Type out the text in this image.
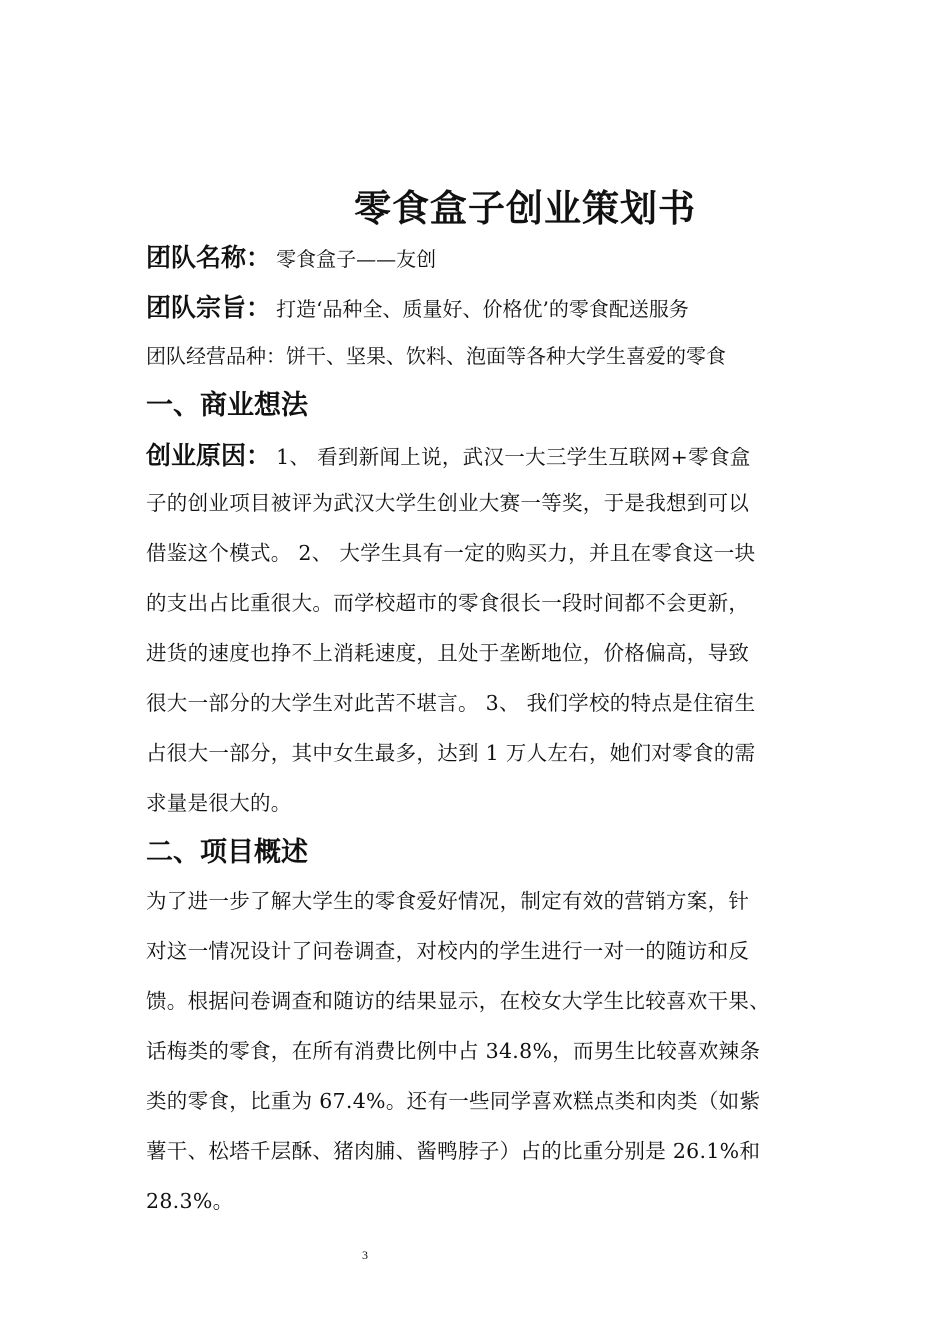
零食盒子创业策划书

团队名称： 零食盒子——友创

团队宗旨： 打造‘品种全、质量好、价格优’的零食配送服务

团队经营品种：饼干、坚果、饮料、泡面等各种大学生喜爱的零食

一、商业想法

创业原因： 1、 看到新闻上说，武汉一大三学生互联网+零食盒

子的创业项目被评为武汉大学生创业大赛一等奖，于是我想到可以

借鉴这个模式。 2、 大学生具有一定的购买力，并且在零食这一块

的支出占比重很大。而学校超市的零食很长一段时间都不会更新，

进货的速度也挣不上消耗速度，且处于垄断地位，价格偏高，导致

很大一部分的大学生对此苦不堪言。 3、 我们学校的特点是住宿生

占很大一部分，其中女生最多，达到 1 万人左右，她们对零食的需

求量是很大的。

二、项目概述

为了进一步了解大学生的零食爱好情况，制定有效的营销方案，针

对这一情况设计了问卷调查，对校内的学生进行一对一的随访和反

馈。根据问卷调查和随访的结果显示，在校女大学生比较喜欢干果、

话梅类的零食，在所有消费比例中占 34.8%，而男生比较喜欢辣条

类的零食，比重为 67.4%。还有一些同学喜欢糕点类和肉类（如紫

薯干、松塔千层酥、猪肉脯、酱鸭脖子）占的比重分别是 26.1%和

28.3%。

3
